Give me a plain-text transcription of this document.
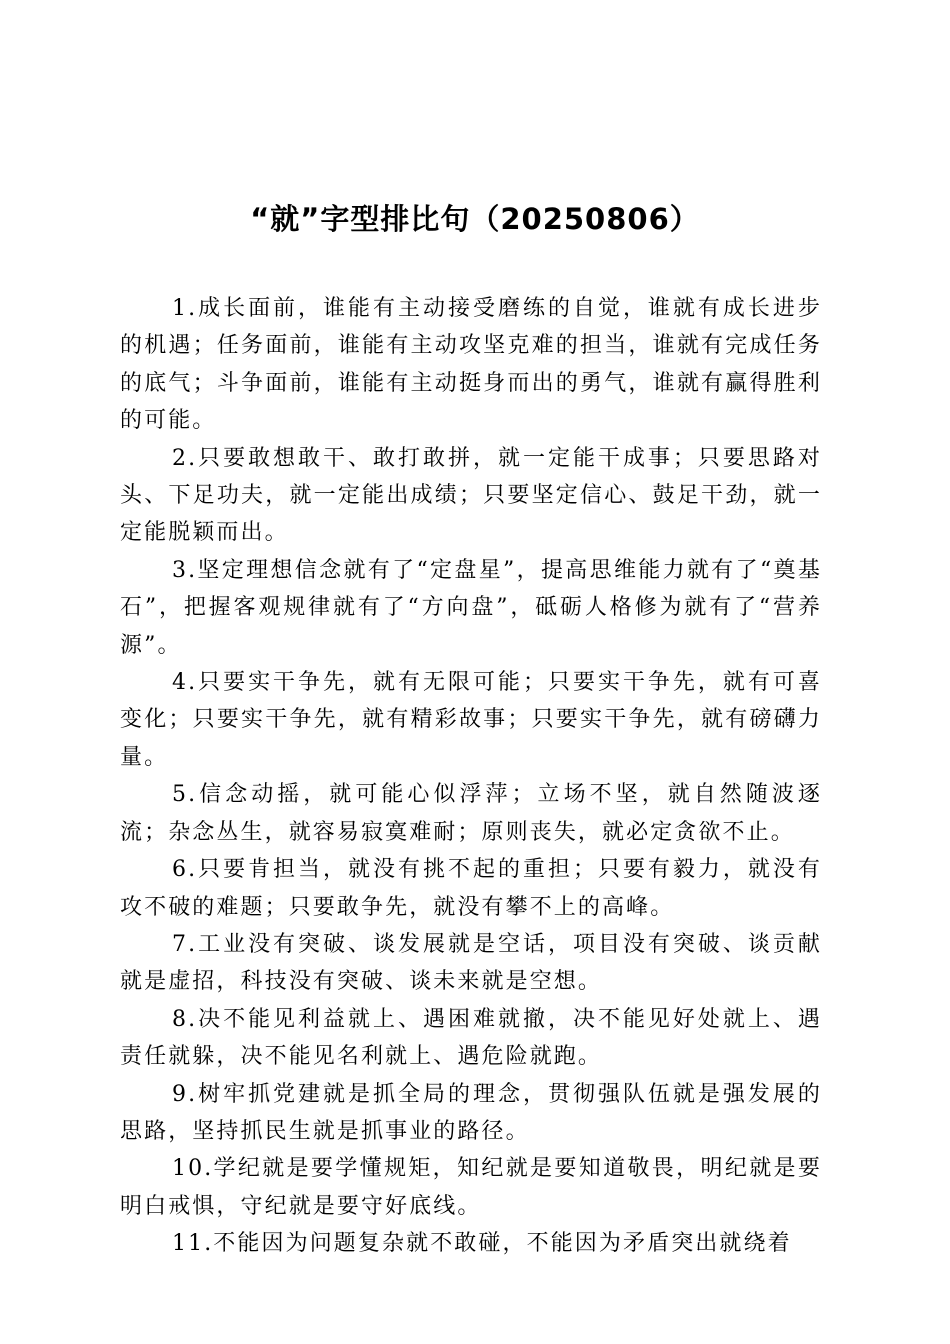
“就”字型排比句（20250806）

1.成长面前，谁能有主动接受磨练的自觉，谁就有成长进步的机遇；任务面前，谁能有主动攻坚克难的担当，谁就有完成任务的底气；斗争面前，谁能有主动挺身而出的勇气，谁就有赢得胜利的可能。

2.只要敢想敢干、敢打敢拼，就一定能干成事；只要思路对头、下足功夫，就一定能出成绩；只要坚定信心、鼓足干劲，就一定能脱颖而出。

3.坚定理想信念就有了“定盘星”，提高思维能力就有了“奠基石”，把握客观规律就有了“方向盘”，砥砺人格修为就有了“营养源”。

4.只要实干争先，就有无限可能；只要实干争先，就有可喜变化；只要实干争先，就有精彩故事；只要实干争先，就有磅礴力量。

5.信念动摇，就可能心似浮萍；立场不坚，就自然随波逐流；杂念丛生，就容易寂寞难耐；原则丧失，就必定贪欲不止。

6.只要肯担当，就没有挑不起的重担；只要有毅力，就没有攻不破的难题；只要敢争先，就没有攀不上的高峰。

7.工业没有突破、谈发展就是空话，项目没有突破、谈贡献就是虚招，科技没有突破、谈未来就是空想。

8.决不能见利益就上、遇困难就撤，决不能见好处就上、遇责任就躲，决不能见名利就上、遇危险就跑。

9.树牢抓党建就是抓全局的理念，贯彻强队伍就是强发展的思路，坚持抓民生就是抓事业的路径。

10.学纪就是要学懂规矩，知纪就是要知道敬畏，明纪就是要明白戒惧，守纪就是要守好底线。

11.不能因为问题复杂就不敢碰，不能因为矛盾突出就绕着
